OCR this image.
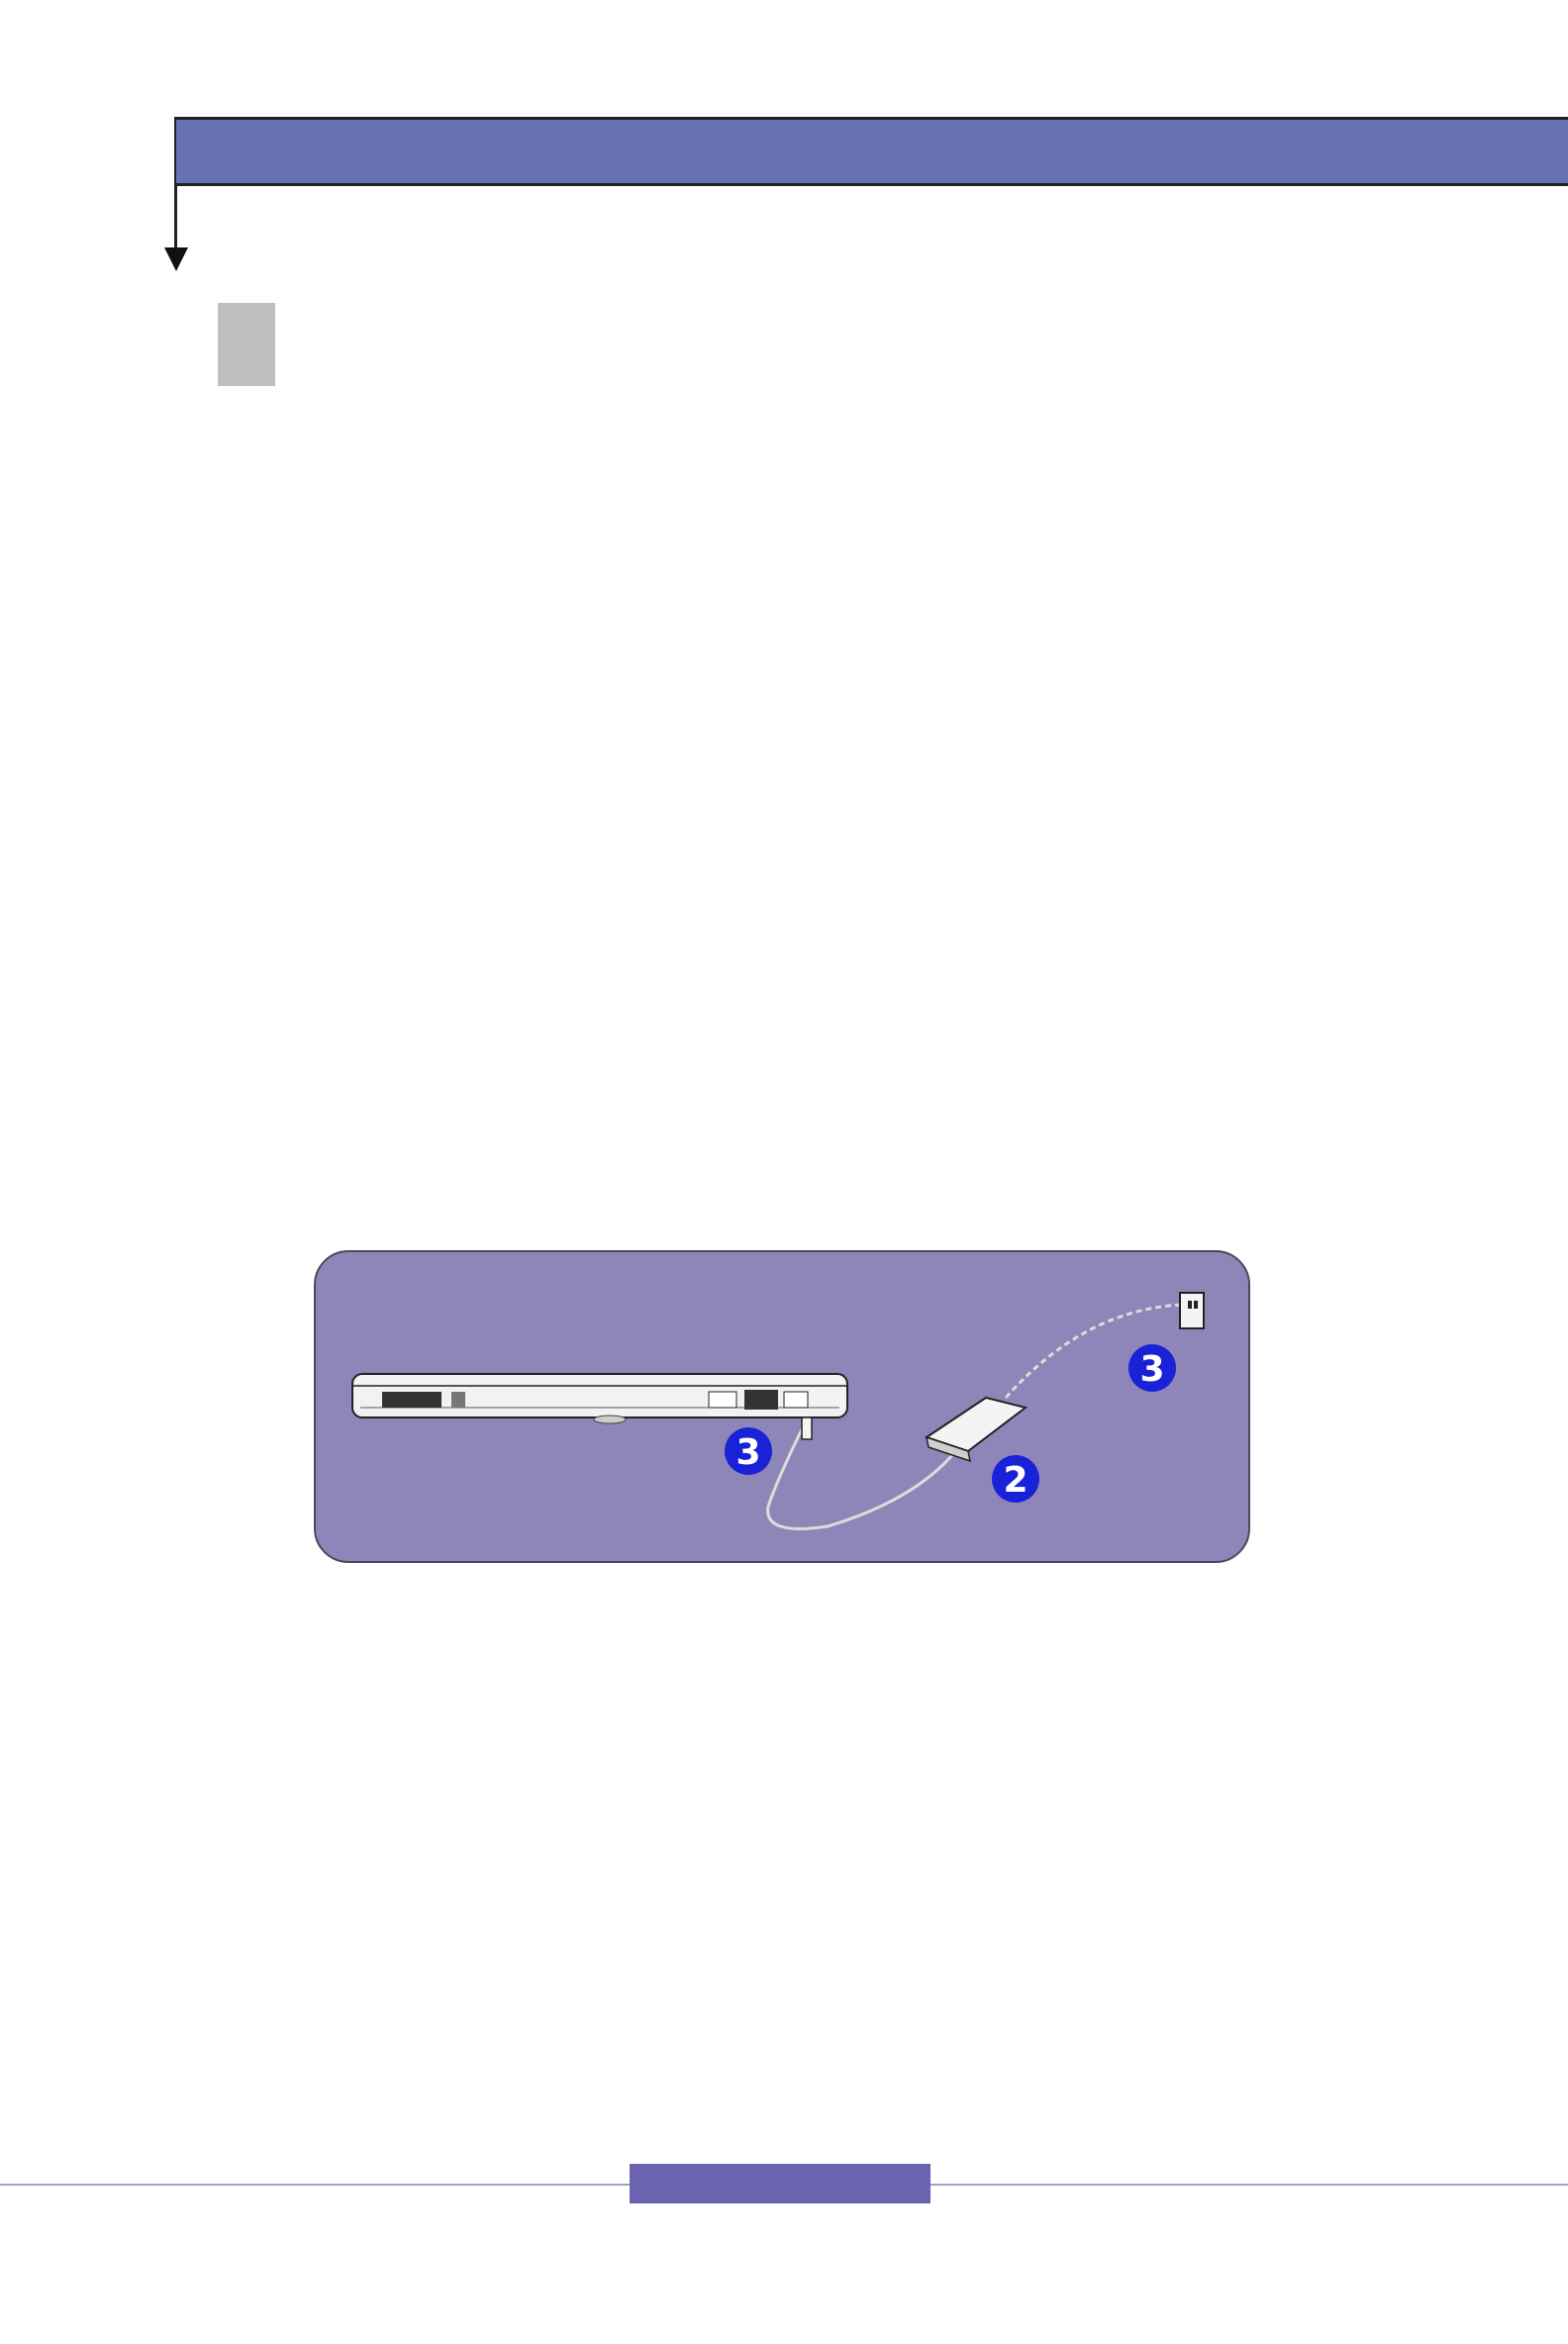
3
3
2
